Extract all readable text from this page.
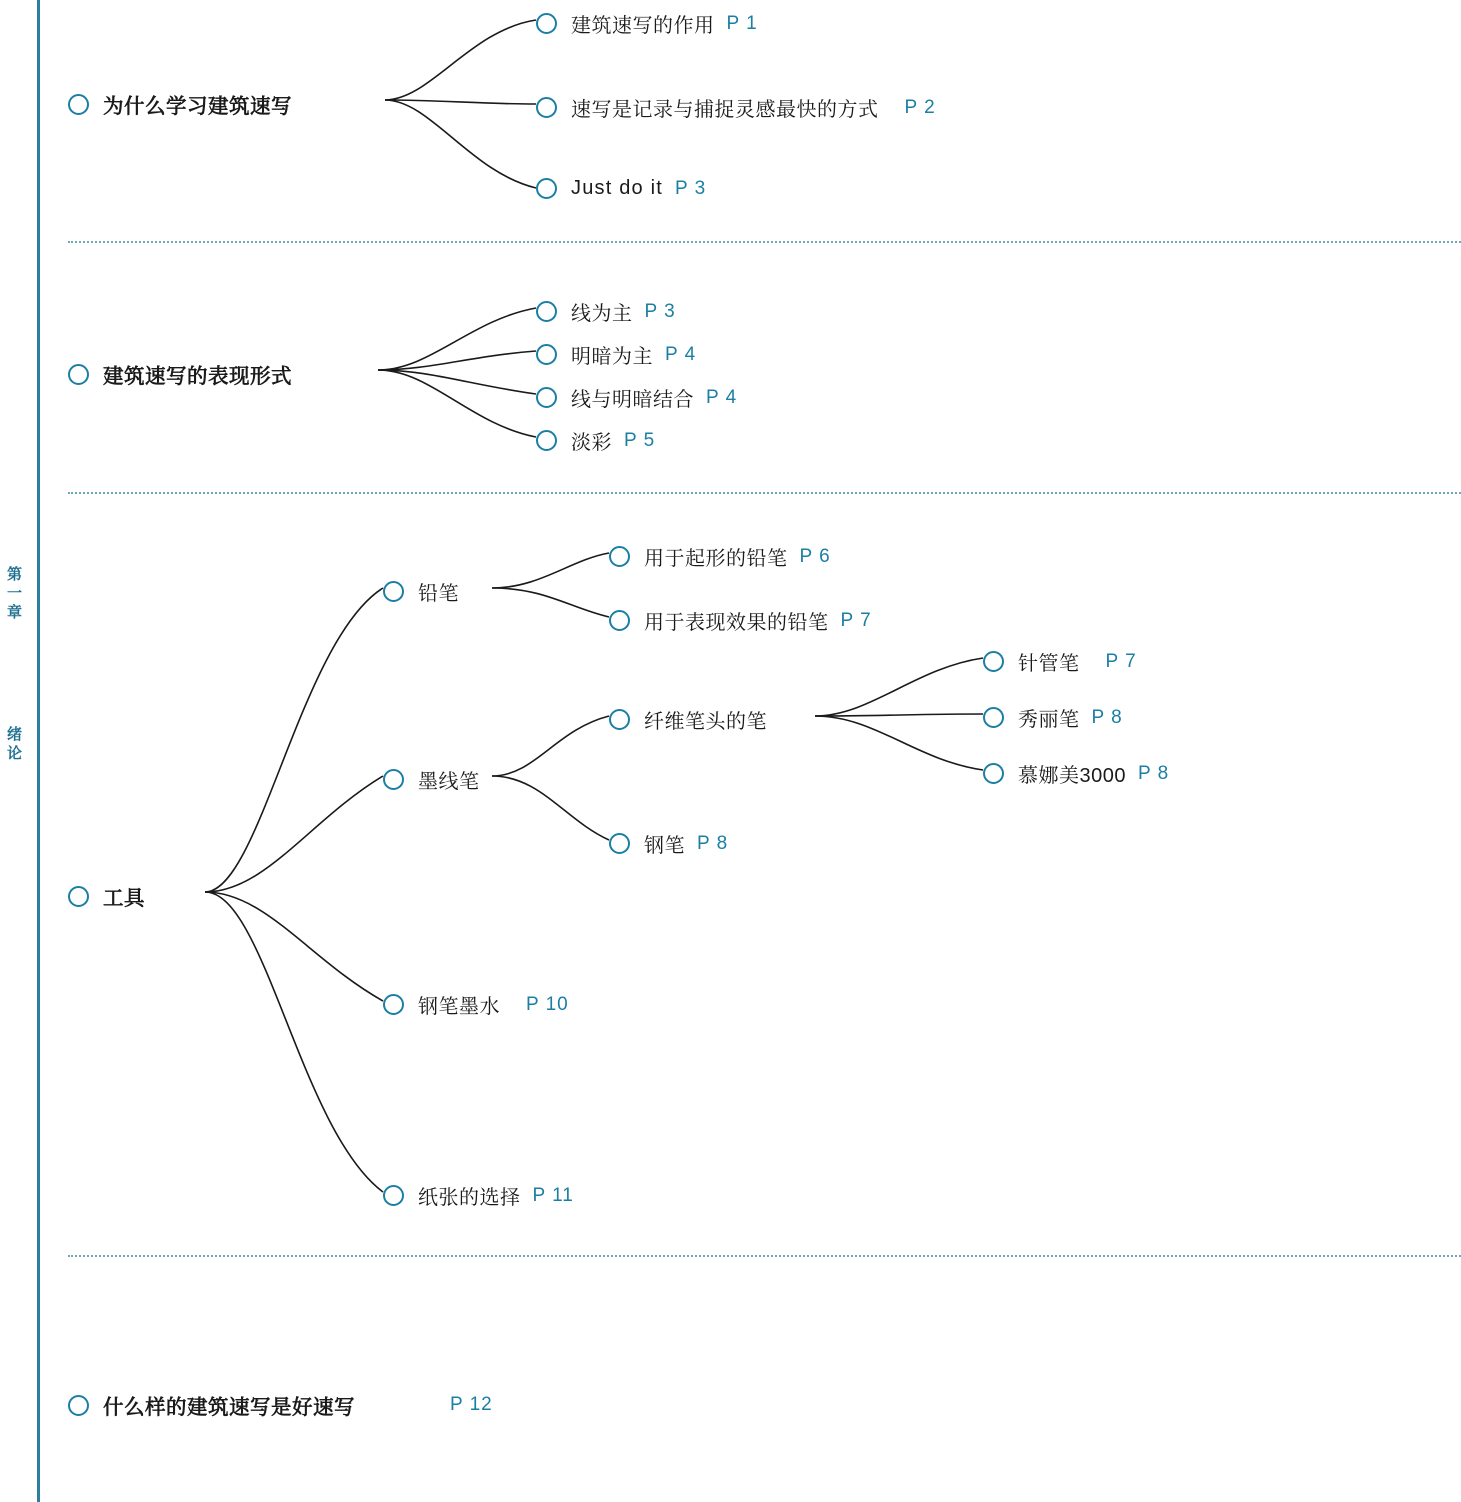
第
一
章
绪
论
为什么学习建筑速写
建筑速写的作用 P 1
速写是记录与捕捉灵感最快的方式 P 2
Just do it P 3
建筑速写的表现形式
线为主 P 3
明暗为主 P 4
线与明暗结合 P 4
淡彩 P 5
工具
铅笔
墨线笔
钢笔墨水 P 10
纸张的选择 P 11
用于起形的铅笔 P 6
用于表现效果的铅笔 P 7
纤维笔头的笔
钢笔 P 8
针管笔 P 7
秀丽笔 P 8
慕娜美3000 P 8
什么样的建筑速写是好速写	P 12
